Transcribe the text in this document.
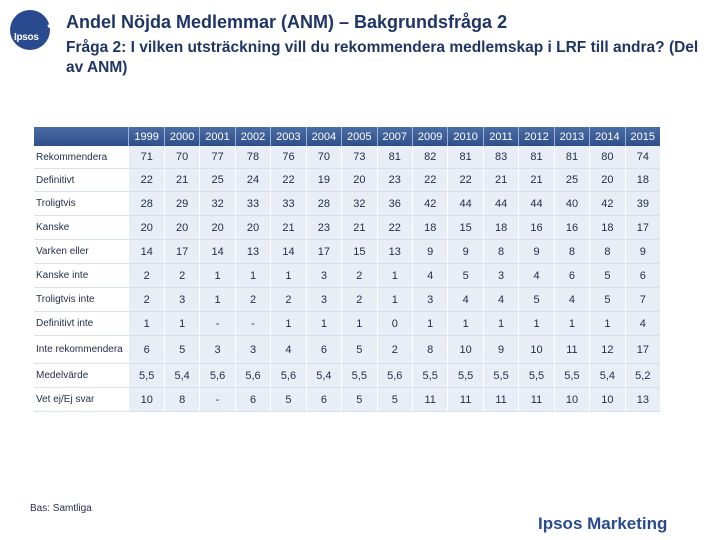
Ipsos
Andel Nöjda Medlemmar (ANM) – Bakgrundsfråga 2
Fråga 2: I vilken utsträckning vill du rekommendera medlemskap i LRF till andra? (Del av ANM)
1999 2000 2001 2002 2003 2004 2005 2007 2009 2010	2011	2012 2013 2014 2015
Rekommendera	71	70	77	78	76	70	73	81	82	81	83	81	81	80	74
Definitivt	22	21	25	24	22	19	20	23	22	22	21	21	25	20	18
Troligtvis	28	29	32	33	33	28	32	36	42	44	44	44	40	42	39
Kanske	20	20	20	20	21	23	21	22	18	15	18	16	16	18	17
Varken eller	14	17	14	13	14	17	15	13	9	9	8	9	8	8	9
Kanske inte	2	2	1	1	1	3	2	1	4	5	3	4	6	5	6
Troligtvis inte	2	3	1	2	2	3	2	1	3	4	4	5	4	5	7
Definitivt inte	1	1	-	-	1	1	1	0	1	1	1	1	1	1	4
Inte rekommendera	6	5	3	3	4	6	5	2	8	10	9	10	11	12	17
Medelvärde	5,5	5,4	5,6	5,6	5,6	5,4	5,5	5,6	5,5	5,5	5,5	5,5	5,5	5,4	5,2
Vet ej/Ej svar	10	8	-	6	5	6	5	5	11	11	11	11	10	10	13
Bas: Samtliga
Ipsos Marketing
